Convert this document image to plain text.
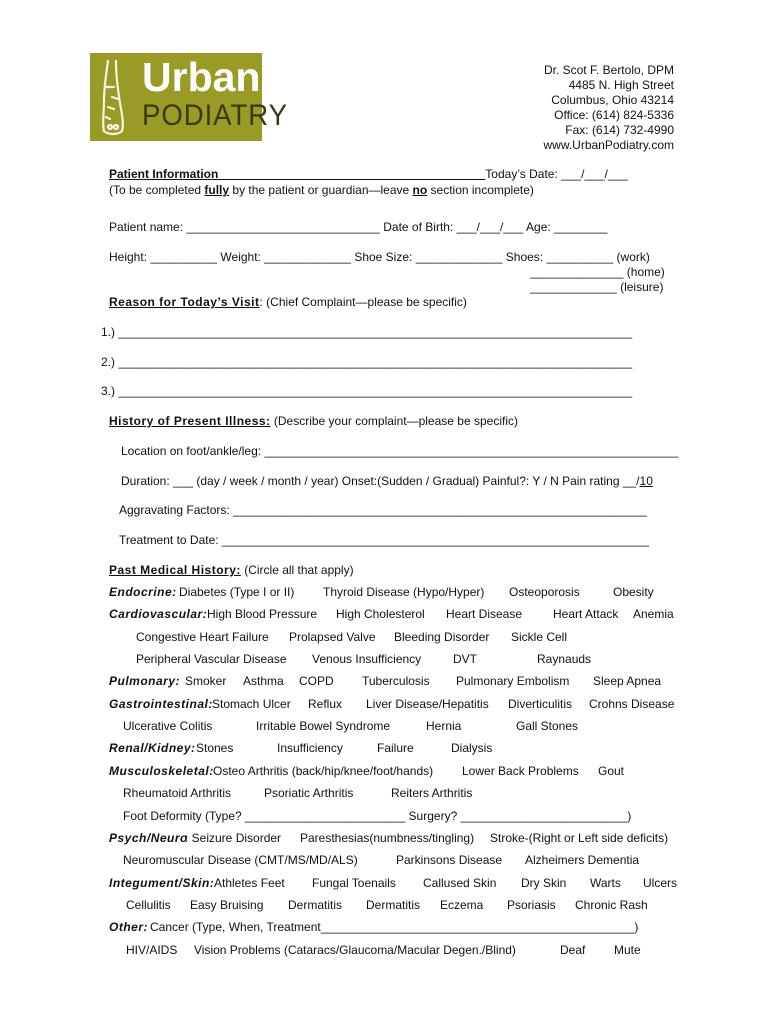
Urban
PODIATRY
Dr. Scot F. Bertolo, DPM
4485 N. High Street
Columbus, Ohio 43214
Office: (614) 824-5336
Fax: (614) 732-4990
www.UrbanPodiatry.com
Patient Information________________________________________Today’s Date: ___/___/___
(To be completed fully by the patient or guardian—leave no section incomplete)
Patient name: _____________________________ Date of Birth: ___/___/___ Age: ________
Height: __________ Weight: _____________ Shoe Size: _____________ Shoes: __________ (work)
______________ (home)
_____________ (leisure)
Reason for Today’s Visit: (Chief Complaint—please be specific)
1.) _____________________________________________________________________________
2.) _____________________________________________________________________________
3.) _____________________________________________________________________________
History of Present Illness: (Describe your complaint—please be specific)
Location on foot/ankle/leg: ______________________________________________________________
Duration: ___ (day / week / month / year) Onset:(Sudden / Gradual) Painful?: Y / N Pain rating __/10
Aggravating Factors: ______________________________________________________________
Treatment to Date: ________________________________________________________________
Past Medical History: (Circle all that apply)
Endocrine: Diabetes (Type I or II) Thyroid Disease (Hypo/Hyper) Osteoporosis	Obesity
Cardiovascular: High Blood Pressure High Cholesterol Heart Disease	Heart Attack Anemia
Congestive Heart Failure Prolapsed Valve Bleeding Disorder Sickle Cell
Peripheral Vascular Disease Venous Insufficiency	DVT	Raynauds
Pulmonary: Smoker Asthma COPD Tuberculosis Pulmonary Embolism Sleep Apnea
Gastrointestinal: Stomach Ulcer Reflux Liver Disease/Hepatitis Diverticulitis Crohns Disease
Ulcerative Colitis	Irritable Bowel Syndrome	Hernia	Gall Stones
Renal/Kidney: Stones	Insufficiency	Failure	Dialysis
Musculoskeletal: Osteo Arthritis (back/hip/knee/foot/hands) Lower Back Problems Gout
Rheumatoid Arthritis	Psoriatic Arthritis	Reiters Arthritis
Foot Deformity (Type? ________________________ Surgery? _________________________)
Psych/Neuro
: Seizure Disorder Paresthesias(numbness/tingling) Stroke-(Right or Left side deficits)
Neuromuscular Disease (CMT/MS/MD/ALS)	Parkinsons Disease Alzheimers Dementia
Integument/Skin: Athletes Feet Fungal Toenails Callused Skin Dry Skin Warts Ulcers
Cellulitis Easy Bruising Dermatitis Dermatitis Eczema Psoriasis Chronic Rash
Other: Cancer (Type, When, Treatment_______________________________________________)
HIV/AIDS Vision Problems (Cataracs/Glaucoma/Macular Degen./Blind)	Deaf Mute
